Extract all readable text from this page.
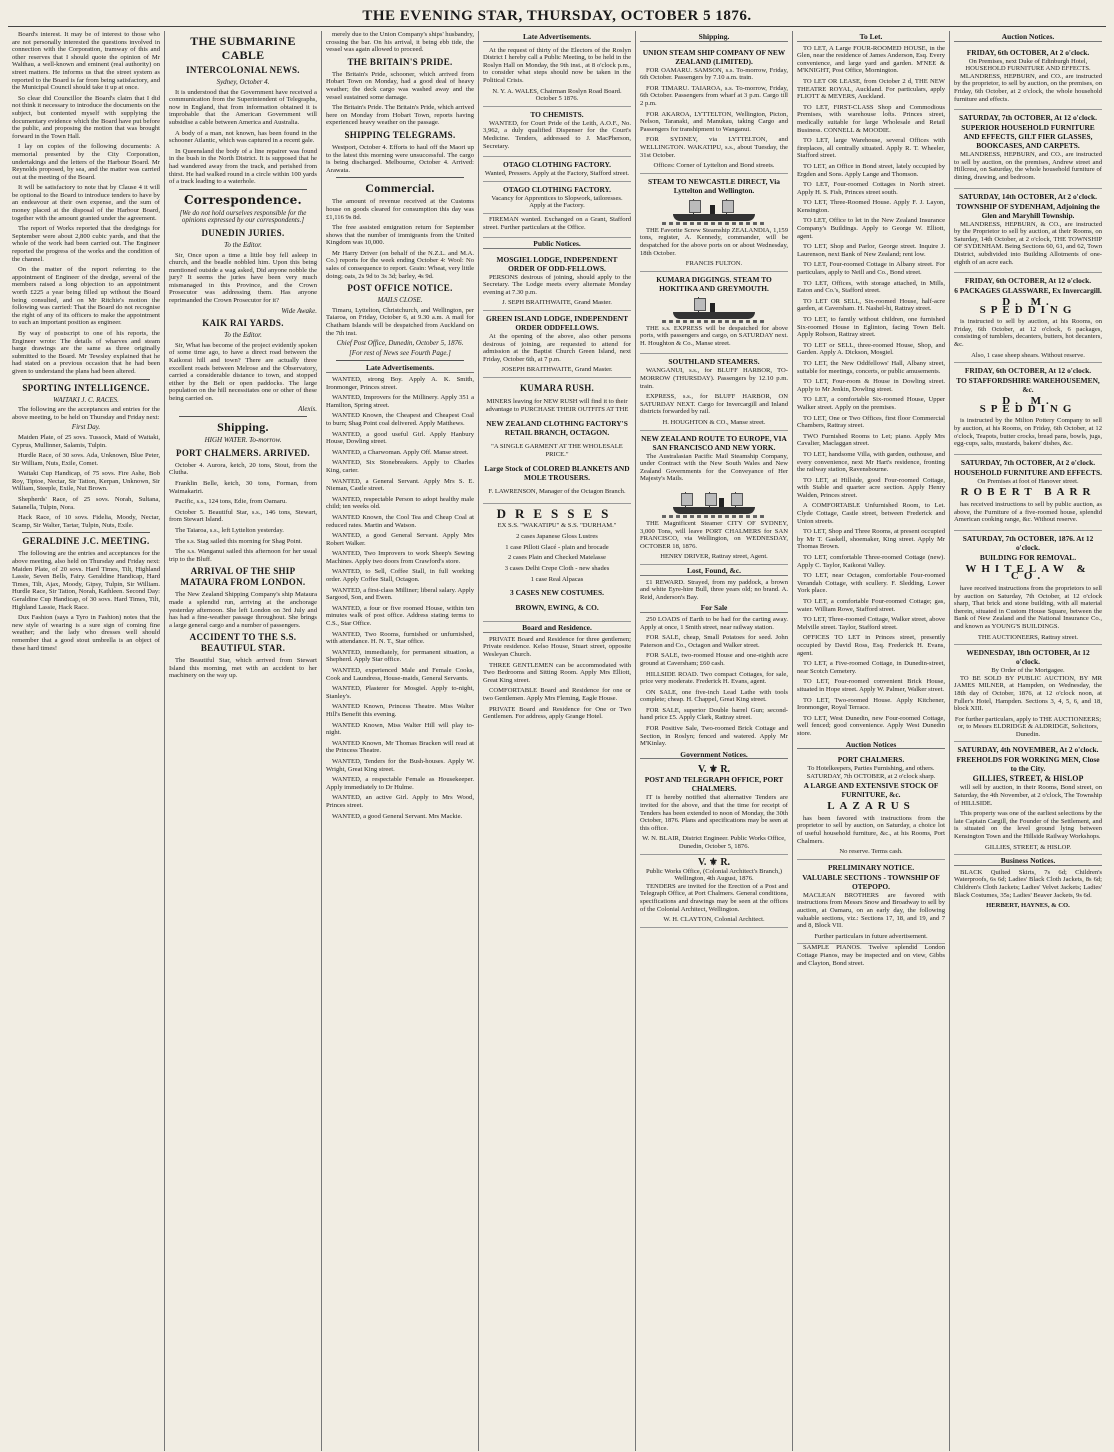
THE EVENING STAR, THURSDAY, OCTOBER 5 1876.

Board's interest. It may be of interest to those who are not personally interested the questions involved in connection with the Corporation, tramway of this and other reserves that I should quote the opinion of Mr Walthau, a well-known and eminent (real authority) on street matters. He informs us that the street system as reported to the Board is far from being satisfactory, and the Municipal Council should take it up at once.

So clear did Councillor the Board's claim that I did not think it necessary to introduce the documents on the subject, but contented myself with supplying the documentary evidence which the Board have put before the public, and proposing the motion that was brought forward in the Town Hall.

I lay on copies of the following documents: A memorial presented by the City Corporation, undertakings and the letters of the Harbour Board. Mr Reynolds proposed, by sea, and the matter was carried out at the meeting of the Board.

It will be satisfactory to note that by Clause 4 it will be optional to the Board to introduce tenders to have by an endeavour at their own expense, and the sum of money placed at the disposal of the Harbour Board, together with the amount granted under the agreement.

The report of Works reported that the dredgings for September were about 2,800 cubic yards, and that the whole of the work had been carried out. The Engineer reported the progress of the works and the condition of the channel.

On the matter of the report referring to the appointment of Engineer of the dredge, several of the members raised a long objection to an appointment worth £225 a year being filled up without the Board being consulted, and on Mr Ritchie's motion the following was carried: That the Board do not recognise the right of any of its officers to make the appointment to such an important position as engineer.

By way of postscript to one of his reports, the Engineer wrote: The details of wharves and steam barge drawings are the same as three originally submitted to the Board. Mr Tewsley explained that he had stated on a previous occasion that he had been given to understand the plans had been altered.

SPORTING INTELLIGENCE.
WAITAKI J. C. RACES.

The following are the acceptances and entries for the above meeting, to be held on Thursday and Friday next:

First Day.

Maiden Plate, of 25 sovs. Tussock, Maid of Waitaki, Cyprus, Mullinner, Salamis, Tulpin.

Hurdle Race, of 30 sovs. Ada, Unknown, Blue Peter, Sir William, Nuts, Exile, Comet.

Waitaki Cup Handicap, of 75 sovs. Fire Ashe, Bob Roy, Tiptoe, Nectar, Sir Tatton, Kerpan, Unknown, Sir William, Steeple, Exile, Nut Brown.

Shepherds' Race, of 25 sovs. Norah, Sultana, Satanella, Tulpin, Nora.

Hack Race, of 10 sovs. Fidelia, Moody, Nectar, Scamp, Sir Walter, Tartar, Tulpin, Nuts, Exile.

GERALDINE J.C. MEETING.

The following are the entries and acceptances for the above meeting, also held on Thursday and Friday next: Maiden Plate, of 20 sovs. Hard Times, Tilt, Highland Lassie, Seven Bells, Fairy. Geraldine Handicap, Hard Times, Tilt, Ajax, Moody, Gipsy, Tulpin, Sir William. Hurdle Race, Sir Tatton, Norah, Kathleen. Second Day: Geraldine Cup Handicap, of 30 sovs. Hard Times, Tilt, Highland Lassie, Hack Race.

Dux Fashion (says a Tyro in Fashion) notes that the new style of wearing is a sure sign of coming fine weather; and the lady who dresses well should remember that a good stout umbrella is an object of these hard times!

THE SUBMARINE CABLE
INTERCOLONIAL NEWS.
Sydney, October 4.

It is understood that the Government have received a communication from the Superintendent of Telegraphs, now in England, that from information obtained it is improbable that the American Government will subsidise a cable between America and Australia.

A body of a man, not known, has been found in the schooner Atlantic, which was captured in a recent gale.

In Queensland the body of a line repairer was found in the bush in the North District. It is supposed that he had wandered away from the track, and perished from thirst. He had walked round in a circle within 100 yards of a track leading to a waterhole.

Correspondence.
[We do not hold ourselves responsible for the opinions expressed by our correspondents.]
DUNEDIN JURIES.
To the Editor.

Sir, Once upon a time a little boy fell asleep in church, and the beadle nobbled him. Upon this being mentioned outside a wag asked, Did anyone nobble the jury? It seems the juries have been very much mismanaged in this Province, and the Crown Prosecutor was addressing them. Has anyone reprimanded the Crown Prosecutor for it?

Wide Awake.
KAIK RAI YARDS.
To the Editor.

Sir, What has become of the project evidently spoken of some time ago, to have a direct road between the Kaikorai hill and town? There are actually three excellent roads between Melrose and the Observatory, carried a considerable distance to town, and stopped either by the Belt or open paddocks. The large population on the hill necessitates one or other of these being carried on.

Alexis.
Shipping.
HIGH WATER. To-morrow.
PORT CHALMERS. ARRIVED.

October 4. Aurora, ketch, 20 tons, Stout, from the Clutha.

Franklin Belle, ketch, 30 tons, Forman, from Waimakariri.

Pacific, s.s., 124 tons, Edie, from Oamaru.

October 5. Beautiful Star, s.s., 146 tons, Stewart, from Stewart Island.

The Taiaroa, s.s., left Lyttelton yesterday.

The s.s. Stag sailed this morning for Shag Point.

The s.s. Wanganui sailed this afternoon for her usual trip to the Bluff.

ARRIVAL OF THE SHIP MATAURA FROM LONDON.

The New Zealand Shipping Company's ship Mataura made a splendid run, arriving at the anchorage yesterday afternoon. She left London on 3rd July and has had a fine-weather passage throughout. She brings a large general cargo and a number of passengers.

ACCIDENT TO THE S.S. BEAUTIFUL STAR.

The Beautiful Star, which arrived from Stewart Island this morning, met with an accident to her machinery on the way up.

merely due to the Union Company's ships' husbandry, crossing the bar. On his arrival, it being ebb tide, the vessel was again allowed to proceed.

THE BRITAIN'S PRIDE.

The Britain's Pride, schooner, which arrived from Hobart Town on Monday, had a good deal of heavy weather; the deck cargo was washed away and the vessel sustained some damage.

The Britain's Pride. The Britain's Pride, which arrived here on Monday from Hobart Town, reports having experienced heavy weather on the passage.

SHIPPING TELEGRAMS.

Westport, October 4. Efforts to haul off the Maori up to the latest this morning were unsuccessful. The cargo is being discharged. Melbourne, October 4. Arrived: Arawata.

Commercial.

The amount of revenue received at the Customs house on goods cleared for consumption this day was £1,116 9s 8d.

The free assisted emigration return for September shows that the number of immigrants from the United Kingdom was 10,000.

Mr Harry Driver (on behalf of the N.Z.L. and M.A. Co.) reports for the week ending October 4: Wool: No sales of consequence to report. Grain: Wheat, very little doing; oats, 2s 9d to 3s 3d; barley, 4s 9d.

POST OFFICE NOTICE.
MAILS CLOSE.

Timaru, Lyttelton, Christchurch, and Wellington, per Taiaroa, on Friday, October 6, at 9.30 a.m. A mail for Chatham Islands will be despatched from Auckland on the 7th inst.

Chief Post Office, Dunedin, October 5, 1876.
[For rest of News see Fourth Page.]
Late Advertisements.

WANTED, strong Boy. Apply A. K. Smith, Ironmonger, Princes street.

WANTED, Improvers for the Millinery. Apply 351 a Hamilton, Spring street.

WANTED Known, the Cheapest and Cheapest Coal to burn; Shag Point coal delivered. Apply Matthews.

WANTED, a good useful Girl. Apply Hanbury House, Dowling street.

WANTED, a Charwoman. Apply Off. Manse street.

WANTED, Six Stonebreakers. Apply to Charles King, carter.

WANTED, a General Servant. Apply Mrs S. E. Nieman, Castle street.

WANTED, respectable Person to adopt healthy male child; ten weeks old.

WANTED Known, the Cool Tea and Cheap Coal at reduced rates. Martin and Watson.

WANTED, a good General Servant. Apply Mrs Robert Walker.

WANTED, Two Improvers to work Sheep's Sewing Machines. Apply two doors from Crawford's store.

WANTED, to Sell, Coffee Stall, in full working order. Apply Coffee Stall, Octagon.

WANTED, a first-class Milliner; liberal salary. Apply Sargood, Son, and Ewen.

WANTED, a four or five roomed House, within ten minutes walk of post office. Address stating terms to C.S., Star Office.

WANTED, Two Rooms, furnished or unfurnished, with attendance. H. N. T., Star office.

WANTED, immediately, for permanent situation, a Shepherd. Apply Star office.

WANTED, experienced Male and Female Cooks, Cook and Laundress, House-maids, General Servants.

WANTED, Plasterer for Mosgiel. Apply to-night, Stanley's.

WANTED Known, Princess Theatre. Miss Walter Hill's Benefit this evening.

WANTED Known, Miss Walter Hill will play to-night.

WANTED Known, Mr Thomas Bracken will read at the Princess Theatre.

WANTED, Tenders for the Bush-houses. Apply W. Wright, Great King street.

WANTED, a respectable Female as Housekeeper. Apply immediately to Dr Hulme.

WANTED, an active Girl. Apply to Mrs Wood, Princes street.

WANTED, a good General Servant. Mrs Mackie.

Late Advertisements.

At the request of thirty of the Electors of the Roslyn District I hereby call a Public Meeting, to be held in the Roslyn Hall on Monday, the 9th inst., at 8 o'clock p.m., to consider what steps should now be taken in the Political Crisis.

N. Y. A. WALES, Chairman Roslyn Road Board. October 5 1876.
TO CHEMISTS.

WANTED, for Court Pride of the Leith, A.O.F., No. 3,962, a duly qualified Dispenser for the Court's Medicine. Tenders, addressed to J. MacPherson, Secretary.

OTAGO CLOTHING FACTORY.
Wanted, Pressers. Apply at the Factory, Stafford street.
OTAGO CLOTHING FACTORY.
Vacancy for Apprentices to Slopwork, tailoresses. Apply at the Factory.

FIREMAN wanted. Exchanged on a Grant, Stafford street. Further particulars at the Office.

Public Notices.
MOSGIEL LODGE, INDEPENDENT ORDER OF ODD-FELLOWS.

PERSONS desirous of joining, should apply to the Secretary. The Lodge meets every alternate Monday evening at 7.30 p.m.

J. SEPH BRAITHWAITE, Grand Master.
GREEN ISLAND LODGE, INDEPENDENT ORDER ODDFELLOWS.

At the opening of the above, also other persons desirous of joining, are requested to attend for admission at the Baptist Church Green Island, next Friday, October 6th, at 7 p.m.

JOSEPH BRAITHWAITE, Grand Master.
KUMARA RUSH.
MINERS leaving for NEW RUSH will find it to their advantage to PURCHASE THEIR OUTFITS AT THE
NEW ZEALAND CLOTHING FACTORY'S RETAIL BRANCH, OCTAGON.
"A SINGLE GARMENT AT THE WHOLESALE PRICE."
Large Stock of COLORED BLANKETS AND MOLE TROUSERS.
F. LAWRENSON, Manager of the Octagon Branch.
DRESSES
EX S.S. "WAKATIPU" & S.S. "DURHAM."
2 cases Japanese Gloss Lustres
1 case Pilloti Glacé - plain and brocade
2 cases Plain and Checked Matelasse
3 cases Delhi Crepe Cloth - new shades
1 case Real Alpacas
3 CASES NEW COSTUMES.
BROWN, EWING, & CO.
Board and Residence.

PRIVATE Board and Residence for three gentlemen; Private residence. Kelso House, Stuart street, opposite Wesleyan Church.

THREE GENTLEMEN can be accommodated with Two Bedrooms and Sitting Room. Apply Mrs Elliott, Great King street.

COMFORTABLE Board and Residence for one or two Gentlemen. Apply Mrs Fleming, Eagle House.

PRIVATE Board and Residence for One or Two Gentlemen. For address, apply Grange Hotel.

Shipping.
UNION STEAM SHIP COMPANY OF NEW ZEALAND (LIMITED).

FOR OAMARU. SAMSON, s.s. To-morrow, Friday, 6th October. Passengers by 7.10 a.m. train.

FOR TIMARU. TAIAROA, s.s. To-morrow, Friday, 6th October. Passengers from wharf at 3 p.m. Cargo till 2 p.m.

FOR AKAROA, LYTTELTON, Wellington, Picton, Nelson, Taranaki, and Manukau, taking Cargo and Passengers for transhipment to Wanganui.

FOR SYDNEY, via LYTTELTON, and WELLINGTON. WAKATIPU, s.s., about Tuesday, the 31st October.

Offices: Corner of Lyttelton and Bond streets.
STEAM TO NEWCASTLE DIRECT, Via Lyttelton and Wellington.

THE Favorite Screw Steamship ZEALANDIA, 1,159 tons, register, A. Kennedy, commander, will be despatched for the above ports on or about Wednesday, 18th October.

FRANCIS FULTON.
KUMARA DIGGINGS. STEAM TO HOKITIKA AND GREYMOUTH.

THE s.s. EXPRESS will be despatched for above ports, with passengers and cargo, on SATURDAY next. H. Houghton & Co., Manse street.

SOUTHLAND STEAMERS.

WANGANUI, s.s., for BLUFF HARBOR, TO-MORROW (THURSDAY). Passengers by 12.10 p.m. train.

EXPRESS, s.s., for BLUFF HARBOR, ON SATURDAY NEXT. Cargo for Invercargill and Inland districts forwarded by rail.

H. HOUGHTON & CO., Manse street.
NEW ZEALAND ROUTE TO EUROPE, VIA SAN FRANCISCO AND NEW YORK.

The Australasian Pacific Mail Steamship Company, under Contract with the New South Wales and New Zealand Governments for the Conveyance of Her Majesty's Mails.

THE Magnificent Steamer CITY OF SYDNEY, 3,000 Tons, will leave PORT CHALMERS for SAN FRANCISCO, via Wellington, on WEDNESDAY, OCTOBER 18, 1876.

HENRY DRIVER, Rattray street, Agent.
Lost, Found, &c.

£1 REWARD. Strayed, from my paddock, a brown and white Eyre-hire Bull, three years old; no brand. A. Reid, Anderson's Bay.

For Sale

250 LOADS of Earth to be had for the carting away. Apply at once, 1 Smith street, near railway station.

FOR SALE, cheap, Small Potatoes for seed. John Paterson and Co., Octagon and Walker street.

FOR SALE, two-roomed House and one-eighth acre ground at Caversham; £60 cash.

HILLSIDE ROAD. Two compact Cottages, for sale, price very moderate. Frederick H. Evans, agent.

ON SALE, one five-inch Lead Lathe with tools complete; cheap. H. Chappel, Great King street.

FOR SALE, superior Double barrel Gun; second-hand price £5. Apply Clark, Rattray street.

FOR Positive Sale, Two-roomed Brick Cottage and Section, in Roslyn; fenced and watered. Apply Mr M'Kinlay.

Government Notices.
V. ⚜ R.
POST AND TELEGRAPH OFFICE, PORT CHALMERS.

IT is hereby notified that alternative Tenders are invited for the above, and that the time for receipt of Tenders has been extended to noon of Monday, the 30th October, 1876. Plans and specifications may be seen at this office.

W. N. BLAIR, District Engineer. Public Works Office, Dunedin, October 5, 1876.
V. ⚜ R.
Public Works Office, (Colonial Architect's Branch,) Wellington, 4th August, 1876.

TENDERS are invited for the Erection of a Post and Telegraph Office, at Port Chalmers. General conditions, specifications and drawings may be seen at the offices of the Colonial Architect, Wellington.

W. H. CLAYTON, Colonial Architect.
To Let.

TO LET, A Large FOUR-ROOMED HOUSE, in the Glen, near the residence of James Anderson, Esq. Every convenience, and large yard and garden. M'NEE & M'KNIGHT, Post Office, Mornington.

TO LET OR LEASE, from October 2 d, THE NEW THEATRE ROYAL, Auckland. For particulars, apply FLIOTT & MEYERS, Auckland.

TO LET, FIRST-CLASS Shop and Commodious Premises, with warehouse lofts. Princes street, medically suitable for large Wholesale and Retail Business. CONNELL & MOODIE.

TO LET, large Warehouse, several Offices with fireplaces, all centrally situated. Apply R. T. Wheeler, Stafford street.

TO LET, an Office in Bond street, lately occupied by Ergden and Sons. Apply Lange and Thomson.

TO LET, Four-roomed Cottages in North street. Apply H. S. Fish, Princes street south.

TO LET, Three-Roomed House. Apply F. J. Layon, Kensington.

TO LET, Office to let in the New Zealand Insurance Company's Buildings. Apply to George W. Elliott, agent.

TO LET, Shop and Parlor, George street. Inquire J. Laurenson, next Bank of New Zealand; rent low.

TO LET, Four-roomed Cottage in Albany street. For particulars, apply to Neill and Co., Bond street.

TO LET, Offices, with storage attached, in Mills, Eaton and Co.'s, Stafford street.

TO LET OR SELL, Six-roomed House, half-acre garden, at Caversham. H. Nashel-hi, Rattray street.

TO LET, to family without children, one furnished Six-roomed House in Eglinton, facing Town Belt. Apply Robson, Rattray street.

TO LET or SELL, three-roomed House, Shop, and Garden. Apply A. Dickson, Mosgiel.

TO LET, the New Oddfellows' Hall, Albany street, suitable for meetings, concerts, or public amusements.

TO LET, Four-room & House in Dowling street. Apply to Mr Jenkin, Dowling street.

TO LET, a comfortable Six-roomed House, Upper Walker street. Apply on the premises.

TO LET, One or Two Offices, first floor Commercial Chambers, Rattray street.

TWO Furnished Rooms to Let; piano. Apply Mrs Cavalier, Maclaggan street.

TO LET, handsome Villa, with garden, outhouse, and every convenience, next Mr Hart's residence, fronting the railway station, Ravensbourne.

TO LET, at Hillside, good Four-roomed Cottage, with Stable and quarter acre section. Apply Henry Walden, Princes street.

A COMFORTABLE Unfurnished Room, to Let. Clyde Cottage, Castle street, between Frederick and Union streets.

TO LET, Shop and Three Rooms, at present occupied by Mr T. Gaskell, shoemaker, King street. Apply Mr Thomas Brown.

TO LET, comfortable Three-roomed Cottage (new). Apply C. Taylor, Kaikorai Valley.

TO LET, near Octagon, comfortable Four-roomed Verandah Cottage, with scullery. F. Sledding, Lower York place.

TO LET, a comfortable Four-roomed Cottage; gas, water. William Rowe, Stafford street.

TO LET, Three-roomed Cottage, Walker street, above Melville street. Taylor, Stafford street.

OFFICES TO LET in Princes street, presently occupied by David Ross, Esq. Frederick H. Evans, agent.

TO LET, a Five-roomed Cottage, in Dunedin-street, near Scotch Cemetery.

TO LET, Four-roomed convenient Brick House, situated in Hope street. Apply W. Palmer, Walker street.

TO LET, Two-roomed House. Apply Kitchener, Ironmonger, Royal Terrace.

TO LET, West Dunedin, new Four-roomed Cottage, well fenced; good convenience. Apply West Dunedin store.

Auction Notices
PORT CHALMERS.
To Hotelkeepers, Parties Furnishing, and others. SATURDAY, 7th OCTOBER, at 2 o'clock sharp.
A LARGE AND EXTENSIVE STOCK OF FURNITURE, &c.
LAZARUS

has been favored with instructions from the proprietor to sell by auction, on Saturday, a choice lot of useful household furniture, &c., at his Rooms, Port Chalmers.

No reserve. Terms cash.
PRELIMINARY NOTICE.
VALUABLE SECTIONS - TOWNSHIP OF OTEPOPO.

MACLEAN BROTHERS are favored with instructions from Messrs Snow and Broadway to sell by auction, at Oamaru, on an early day, the following valuable sections, viz.: Sections 17, 18, and 19, and 7 and 8, Block VII.

Further particulars in future advertisement.

SAMPLE PIANOS. Twelve splendid London Cottage Pianos, may be inspected and on view, Gibbs and Clayton, Bond street.

Auction Notices.
FRIDAY, 6th OCTOBER, At 2 o'clock.
On Premises, next Duke of Edinburgh Hotel, HOUSEHOLD FURNITURE AND EFFECTS.

MLANDRESS, HEPBURN, and CO., are instructed by the proprietor, to sell by auction, on the premises, on Friday, 6th October, at 2 o'clock, the whole household furniture and effects.

SATURDAY, 7th OCTOBER, At 12 o'clock.
SUPERIOR HOUSEHOLD FURNITURE AND EFFECTS, GILT FIER GLASSES, BOOKCASES, AND CARPETS.

MLANDRESS, HEPBURN, and CO., are instructed to sell by auction, on the premises, Andrew street and Hillcrest, on Saturday, the whole household furniture of dining, drawing, and bedroom.

SATURDAY, 14th OCTOBER, At 2 o'clock.
TOWNSHIP OF SYDENHAM, Adjoining the Glen and Maryhill Township.

MLANDRESS, HEPBURN, & CO., are instructed by the Proprietor to sell by auction, at their Rooms, on Saturday, 14th October, at 2 o'clock, THE TOWNSHIP OF SYDENHAM. Being Sections 60, 61, and 62, Town District, subdivided into Building Allotments of one-eighth of an acre each.

FRIDAY, 6th OCTOBER, At 12 o'clock.
6 PACKAGES GLASSWARE, Ex Invercargill.
D. M. SPEDDING

is instructed to sell by auction, at his Rooms, on Friday, 6th October, at 12 o'clock, 6 packages, consisting of tumblers, decanters, butters, hot decanters, &c.

Also, 1 case sheep shears. Without reserve.
FRIDAY, 6th OCTOBER, At 12 o'clock.
TO STAFFORDSHIRE WAREHOUSEMEN, &c.
D. M. SPEDDING

is instructed by the Milton Pottery Company to sell by auction, at his Rooms, on Friday, 6th October, at 12 o'clock, Teapots, butter crocks, bread pans, bowls, jugs, egg-cups, salts, mustards, bakers' dishes, &c.

SATURDAY, 7th OCTOBER, At 2 o'clock.
HOUSEHOLD FURNITURE AND EFFECTS.
On Premises at foot of Hanover street.
ROBERT BARR

has received instructions to sell by public auction, as above, the Furniture of a five-roomed house, splendid American cooking range, &c. Without reserve.

SATURDAY, 7th OCTOBER, 1876. At 12 o'clock.
BUILDING FOR REMOVAL.
WHITELAW & CO.

have received instructions from the proprietors to sell by auction on Saturday, 7th October, at 12 o'clock sharp, That brick and stone building, with all material therein, situated in Custom House Square, between the Bank of New Zealand and the National Insurance Co., and known as YOUNG'S BUILDINGS.

THE AUCTIONEERS, Rattray street.
WEDNESDAY, 18th OCTOBER, At 12 o'clock.
By Order of the Mortgagee.

TO BE SOLD BY PUBLIC AUCTION, BY MR JAMES MILNER, at Hampden, on Wednesday, the 18th day of October, 1876, at 12 o'clock noon, at Fuller's Hotel, Hampden. Sections 3, 4, 5, 6, and 18, block XIII.

For further particulars, apply to THE AUCTIONEERS; or, to Messrs ELDRIDGE & ALDRIDGE, Solicitors, Dunedin.
SATURDAY, 4th NOVEMBER, At 2 o'clock.
FREEHOLDS FOR WORKING MEN, Close to the City.
GILLIES, STREET, & HISLOP

will sell by auction, in their Rooms, Bond street, on Saturday, the 4th November, at 2 o'clock, The Township of HILLSIDE.

This property was one of the earliest selections by the late Captain Cargill, the Founder of the Settlement, and is situated on the level ground lying between Kensington Town and the Hillside Railway Workshops.

GILLIES, STREET, & HISLOP.
Business Notices.

BLACK Quilted Skirts, 7s 6d; Children's Waterproofs, 6s 6d; Ladies' Black Cloth Jackets, 8s 6d; Children's Cloth Jackets; Ladies' Velvet Jackets; Ladies' Black Costumes, 35s; Ladies' Beaver Jackets, 9s 6d.

HERBERT, HAYNES, & CO.
